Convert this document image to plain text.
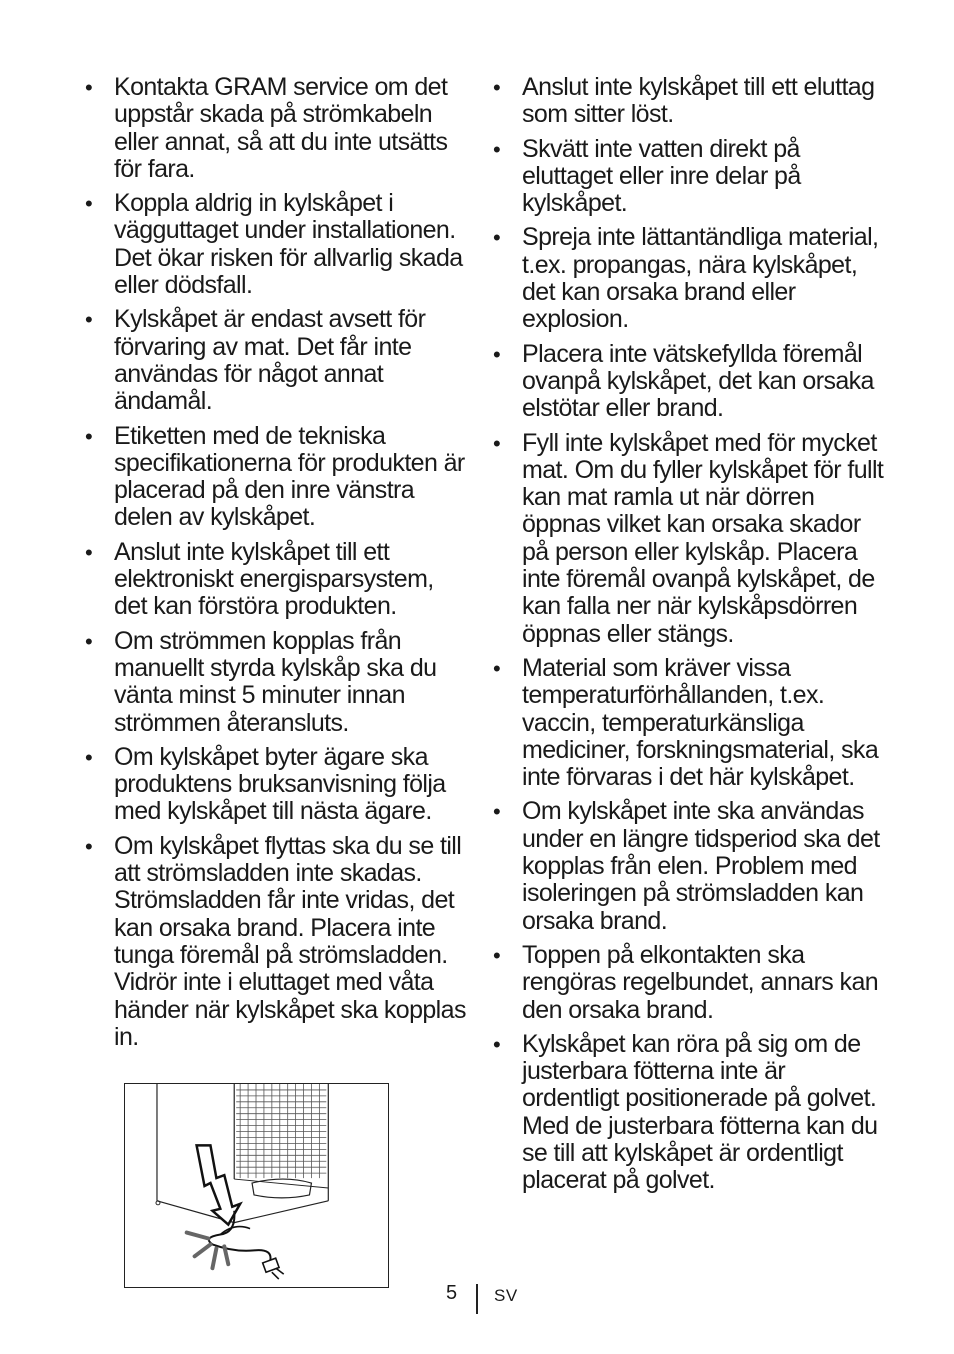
• Kontakta GRAM service om det uppstår skada på strömkabeln eller annat, så att du inte utsätts för fara.
• Koppla aldrig in kylskåpet i vägguttaget under installationen. Det ökar risken för allvarlig skada eller dödsfall.
• Kylskåpet är endast avsett för förvaring av mat. Det får inte användas för något annat ändamål.
• Etiketten med de tekniska specifikationerna för produkten är placerad på den inre vänstra delen av kylskåpet.
• Anslut inte kylskåpet till ett elektroniskt energisparsystem, det kan förstöra produkten.
• Om strömmen kopplas från manuellt styrda kylskåp ska du vänta minst 5 minuter innan strömmen återansluts.
• Om kylskåpet byter ägare ska produktens bruksanvisning följa med kylskåpet till nästa ägare.
• Om kylskåpet flyttas ska du se till att strömsladden inte skadas. Strömsladden får inte vridas, det kan orsaka brand. Placera inte tunga föremål på strömsladden. Vidrör inte i eluttaget med våta händer när kylskåpet ska kopplas in.
• Anslut inte kylskåpet till ett eluttag som sitter löst.
• Skvätt inte vatten direkt på eluttaget eller inre delar på kylskåpet.
• Spreja inte lättantändliga material, t.ex. propangas, nära kylskåpet, det kan orsaka brand eller explosion.
• Placera inte vätskefyllda föremål ovanpå kylskåpet, det kan orsaka elstötar eller brand.
• Fyll inte kylskåpet med för mycket mat. Om du fyller kylskåpet för fullt kan mat ramla ut när dörren öppnas vilket kan orsaka skador på person eller kylskåp. Placera inte föremål ovanpå kylskåpet, de kan falla ner när kylskåpsdörren öppnas eller stängs.
• Material som kräver vissa temperaturförhållanden, t.ex. vaccin, temperaturkänsliga mediciner, forskningsmaterial, ska inte förvaras i det här kylskåpet.
• Om kylskåpet inte ska användas under en längre tidsperiod ska det kopplas från elen. Problem med isoleringen på strömsladden kan orsaka brand.
• Toppen på elkontakten ska rengöras regelbundet, annars kan den orsaka brand.
• Kylskåpet kan röra på sig om de justerbara fötterna inte är ordentligt positionerade på golvet. Med de justerbara fötterna kan du se till att kylskåpet är ordentligt placerat på golvet.
5 SV
